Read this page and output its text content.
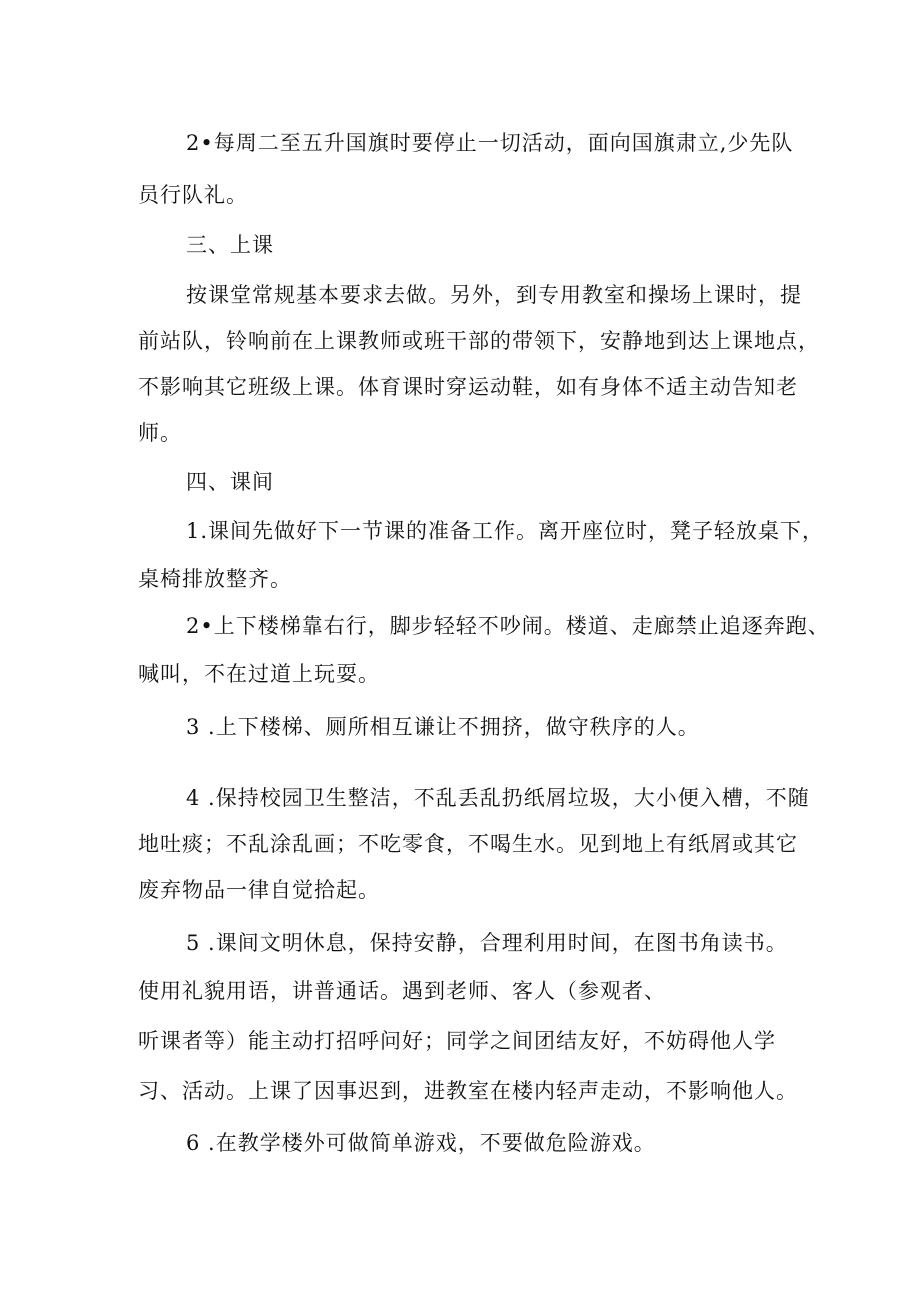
2•每周二至五升国旗时要停止一切活动，面向国旗肃立,少先队
员行队礼。
三、上课
按课堂常规基本要求去做。另外，到专用教室和操场上课时，提
前站队，铃响前在上课教师或班干部的带领下，安静地到达上课地点，
不影响其它班级上课。体育课时穿运动鞋，如有身体不适主动告知老
师。
四、课间
1.课间先做好下一节课的准备工作。离开座位时，凳子轻放桌下，
桌椅排放整齐。
2•上下楼梯靠右行，脚步轻轻不吵闹。楼道、走廊禁止追逐奔跑、
喊叫，不在过道上玩耍。
3 .上下楼梯、厕所相互谦让不拥挤，做守秩序的人。
4 .保持校园卫生整洁，不乱丢乱扔纸屑垃圾，大小便入槽，不随
地吐痰；不乱涂乱画；不吃零食，不喝生水。见到地上有纸屑或其它
废弃物品一律自觉拾起。
5 .课间文明休息，保持安静，合理利用时间，在图书角读书。
使用礼貌用语，讲普通话。遇到老师、客人（参观者、
听课者等）能主动打招呼问好；同学之间团结友好，不妨碍他人学
习、活动。上课了因事迟到，进教室在楼内轻声走动，不影响他人。
6 .在教学楼外可做简单游戏，不要做危险游戏。
